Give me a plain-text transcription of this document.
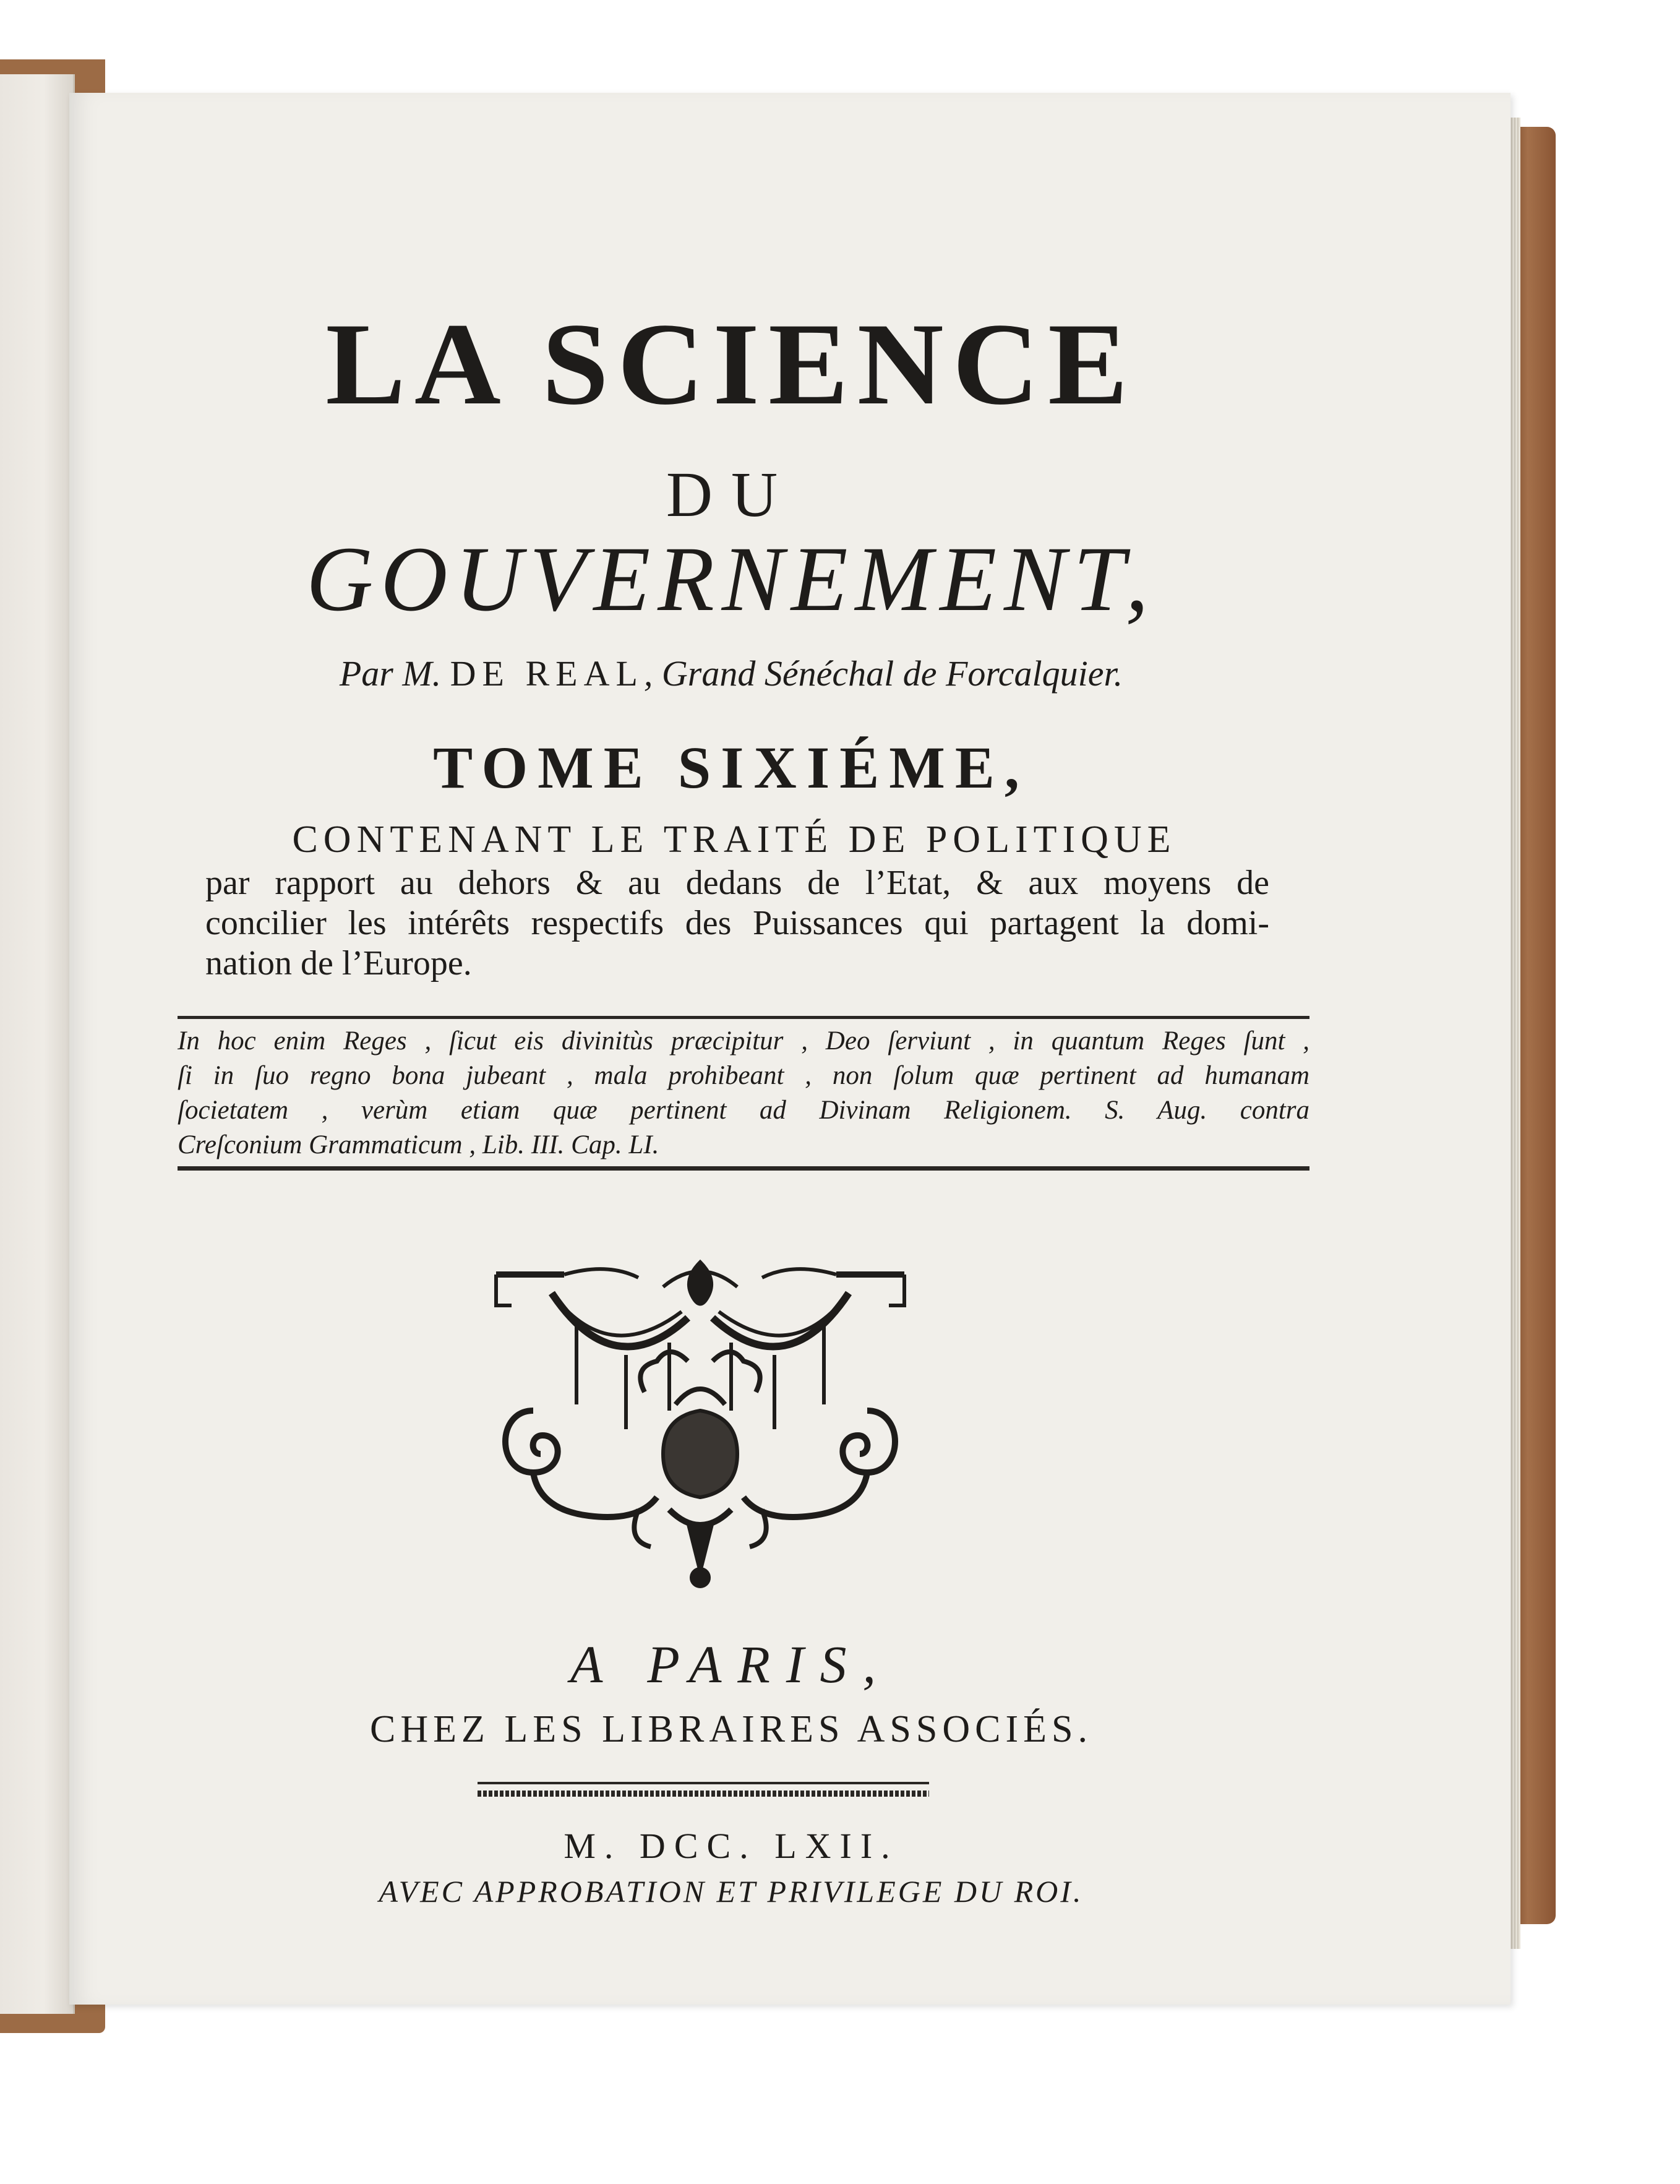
LA SCIENCE
DU
GOUVERNEMENT,
Par M. DE REAL, Grand Sénéchal de Forcalquier.
TOME SIXIÉME,
CONTENANT LE TRAITÉ DE POLITIQUE
par rapport au dehors & au dedans de l’Etat, & aux moyens de
concilier les intérêts respectifs des Puissances qui partagent la domi-
nation de l’Europe.
In hoc enim Reges , ſicut eis divinitùs præcipitur , Deo ſerviunt , in quantum Reges ſunt ,
ſi in ſuo regno bona jubeant , mala prohibeant , non ſolum quæ pertinent ad humanam
ſocietatem , verùm etiam quæ pertinent ad Divinam Religionem. S. Aug. contra
Creſconium Grammaticum , Lib. III. Cap. LI.
A PARIS,
CHEZ LES LIBRAIRES ASSOCIÉS.
M. DCC. LXII.
AVEC APPROBATION ET PRIVILEGE DU ROI.
